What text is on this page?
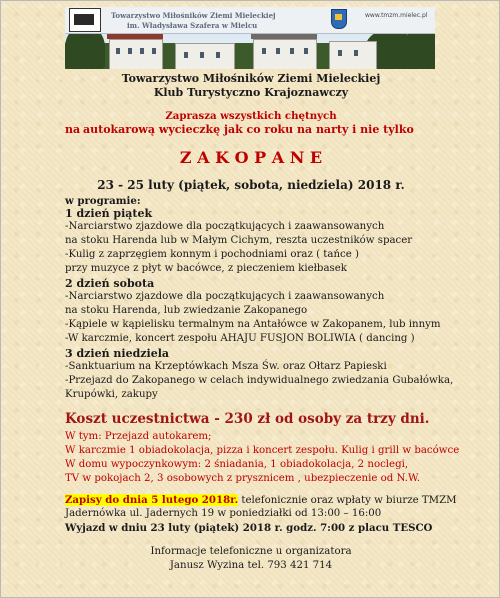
1960
Towarzystwo Miłośników Ziemi Mieleckiej
im. Władysława Szafera w Mielcu
www.tmzm.mielec.pl
Towarzystwo Miłośników Ziemi Mieleckiej
Klub Turystyczno Krajoznawczy
Zaprasza wszystkich chętnych
na autokarową wycieczkę jak co roku na narty i nie tylko
Z A K O P A N E
23 - 25 luty (piątek, sobota, niedziela) 2018 r.
w programie:
1 dzień piątek
-Narciarstwo zjazdowe dla początkujących i zaawansowanych
na stoku Harenda lub w Małym Cichym, reszta uczestników spacer
-Kulig z zaprzęgiem konnym i pochodniami oraz ( tańce )
przy muzyce z płyt w bacówce, z pieczeniem kiełbasek
2 dzień sobota
-Narciarstwo zjazdowe dla początkujących i zaawansowanych
na stoku Harenda, lub zwiedzanie Zakopanego
-Kąpiele w kąpielisku termalnym na Antałówce w Zakopanem, lub innym
-W karczmie, koncert zespołu AHAJU FUSJON BOLIWIA ( dancing )
3 dzień niedziela
-Sanktuarium na Krzeptówkach Msza Św. oraz Ołtarz Papieski
-Przejazd do Zakopanego w celach indywidualnego zwiedzania Gubałówka,
Krupówki, zakupy
Koszt uczestnictwa - 230 zł od osoby za trzy dni.
W tym: Przejazd autokarem;
W karczmie 1 obiadokolacja, pizza i koncert zespołu. Kulig i grill w bacówce
W domu wypoczynkowym: 2 śniadania, 1 obiadokolacja, 2 noclegi,
TV w pokojach 2, 3 osobowych z prysznicem , ubezpieczenie od N.W.
Zapisy do dnia 5 lutego 2018r. telefonicznie oraz wpłaty w biurze TMZM
Jadernówka ul. Jadernych 19 w poniedziałki od 13:00 – 16:00
Wyjazd w dniu 23 luty (piątek) 2018 r. godz. 7:00 z placu TESCO
Informacje telefoniczne u organizatora
Janusz Wyzina tel. 793 421 714
